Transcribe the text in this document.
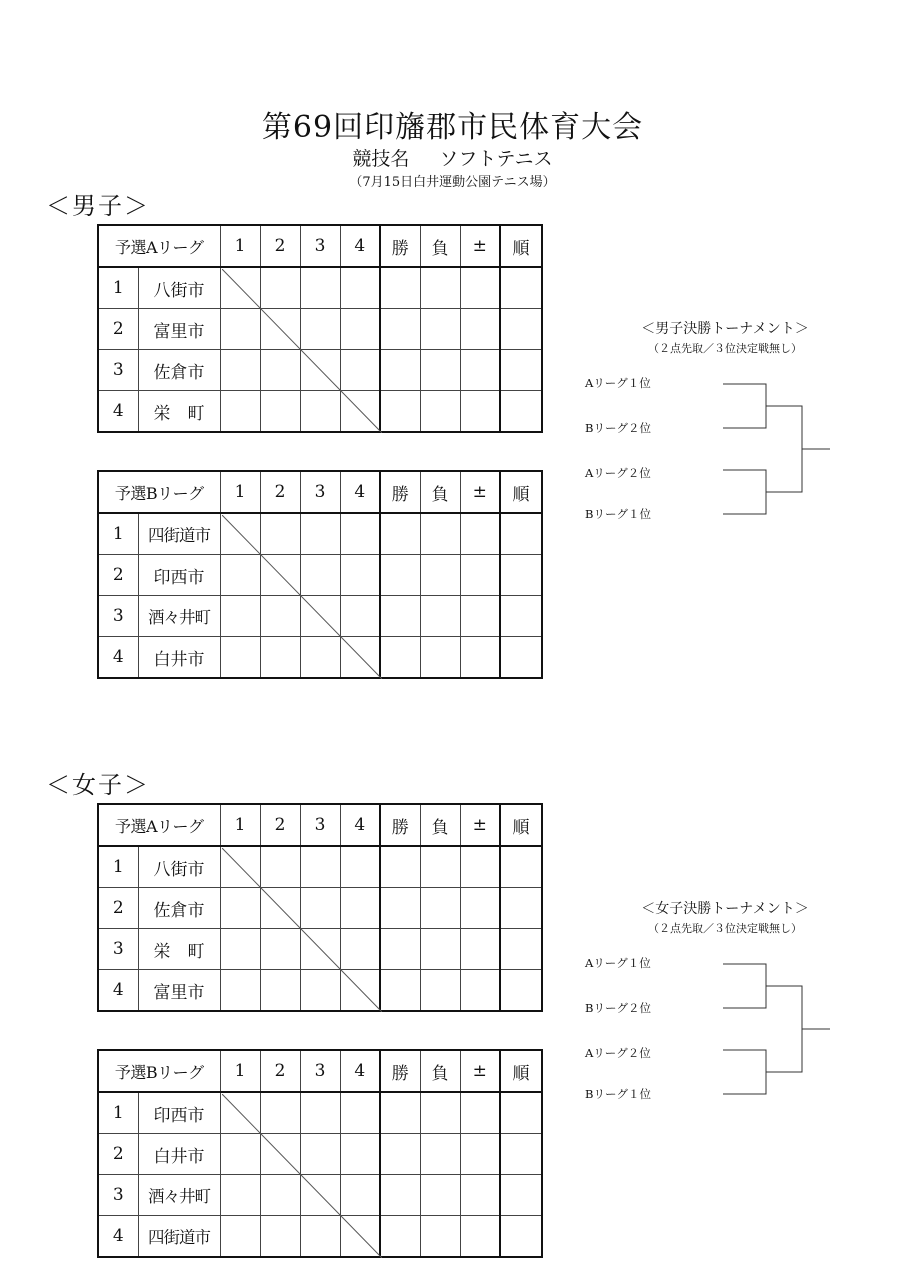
第69回印旛郡市民体育大会
競技名 ソフトテニス
（7月15日白井運動公園テニス場）
＜男子＞
予選Aリーグ		1	2	3	4	勝	負	±	順
1	八街市								
2	富里市								
3	佐倉市								
4	栄　町								
予選Bリーグ		1	2	3	4	勝	負	±	順
1	四街道市								
2	印西市								
3	酒々井町								
4	白井市								
＜男子決勝トーナメント＞
（２点先取／３位決定戦無し）
Aリーグ１位
Bリーグ２位
Aリーグ２位
Bリーグ１位
＜女子＞
予選Aリーグ		1	2	3	4	勝	負	±	順
1	八街市								
2	佐倉市								
3	栄　町								
4	富里市								
予選Bリーグ		1	2	3	4	勝	負	±	順
1	印西市								
2	白井市								
3	酒々井町								
4	四街道市								
＜女子決勝トーナメント＞
（２点先取／３位決定戦無し）
Aリーグ１位
Bリーグ２位
Aリーグ２位
Bリーグ１位
